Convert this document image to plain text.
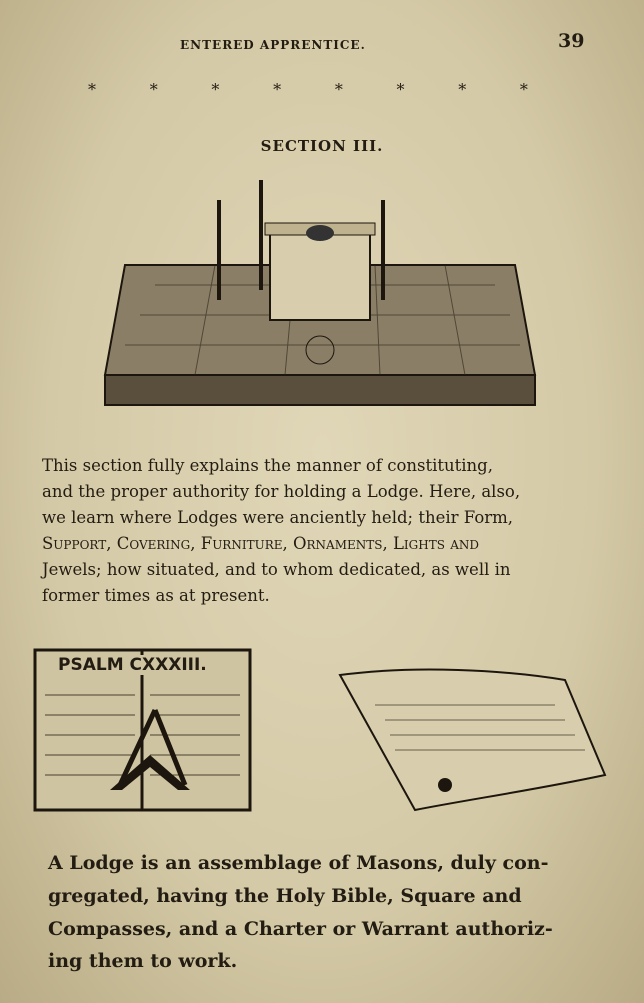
ENTERED APPRENTICE.	39
*	*	*	*	*	*	*	*
SECTION III.
This section fully explains the manner of constituting,
and the proper authority for holding a Lodge. Here, also,
we learn where Lodges were anciently held; their Form,
Support, Covering, Furniture, Ornaments, Lights and
Jewels; how situated, and to whom dedicated, as well in
former times as at present.
PSALM CXXXIII.
A Lodge is an assemblage of Masons, duly con-
gregated, having the Holy Bible, Square and
Compasses, and a Charter or Warrant authoriz-
ing them to work.
